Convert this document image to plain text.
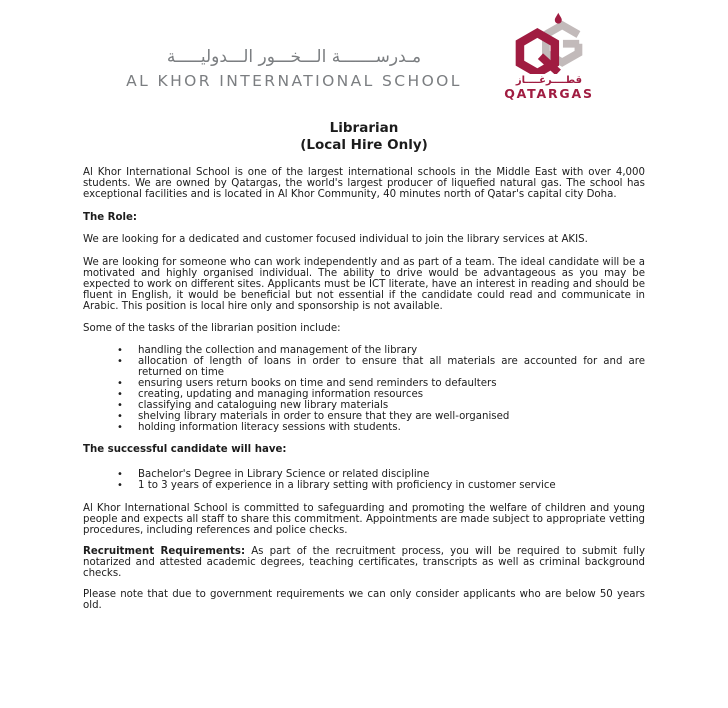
مـدرســـــــة الـــخـــور الـــدوليـــــة
AL KHOR INTERNATIONAL SCHOOL	قطــــرغــــاز
QATARGAS
Librarian
(Local Hire Only)

Al Khor International School is one of the largest international schools in the Middle East with over 4,000 students. We are owned by Qatargas, the world's largest producer of liquefied natural gas. The school has exceptional facilities and is located in Al Khor Community, 40 minutes north of Qatar's capital city Doha.

The Role:

We are looking for a dedicated and customer focused individual to join the library services at AKIS.

We are looking for someone who can work independently and as part of a team. The ideal candidate will be a motivated and highly organised individual. The ability to drive would be advantageous as you may be expected to work on different sites. Applicants must be ICT literate, have an interest in reading and should be fluent in English, it would be beneficial but not essential if the candidate could read and communicate in Arabic. This position is local hire only and sponsorship is not available.

Some of the tasks of the librarian position include:

• handling the collection and management of the library
• allocation of length of loans in order to ensure that all materials are accounted for and are returned on time
• ensuring users return books on time and send reminders to defaulters
• creating, updating and managing information resources
• classifying and cataloguing new library materials
• shelving library materials in order to ensure that they are well-organised
• holding information literacy sessions with students.

The successful candidate will have:

• Bachelor's Degree in Library Science or related discipline
• 1 to 3 years of experience in a library setting with proficiency in customer service

Al Khor International School is committed to safeguarding and promoting the welfare of children and young people and expects all staff to share this commitment. Appointments are made subject to appropriate vetting procedures, including references and police checks.

Recruitment Requirements: As part of the recruitment process, you will be required to submit fully notarized and attested academic degrees, teaching certificates, transcripts as well as criminal background checks.

Please note that due to government requirements we can only consider applicants who are below 50 years old.
